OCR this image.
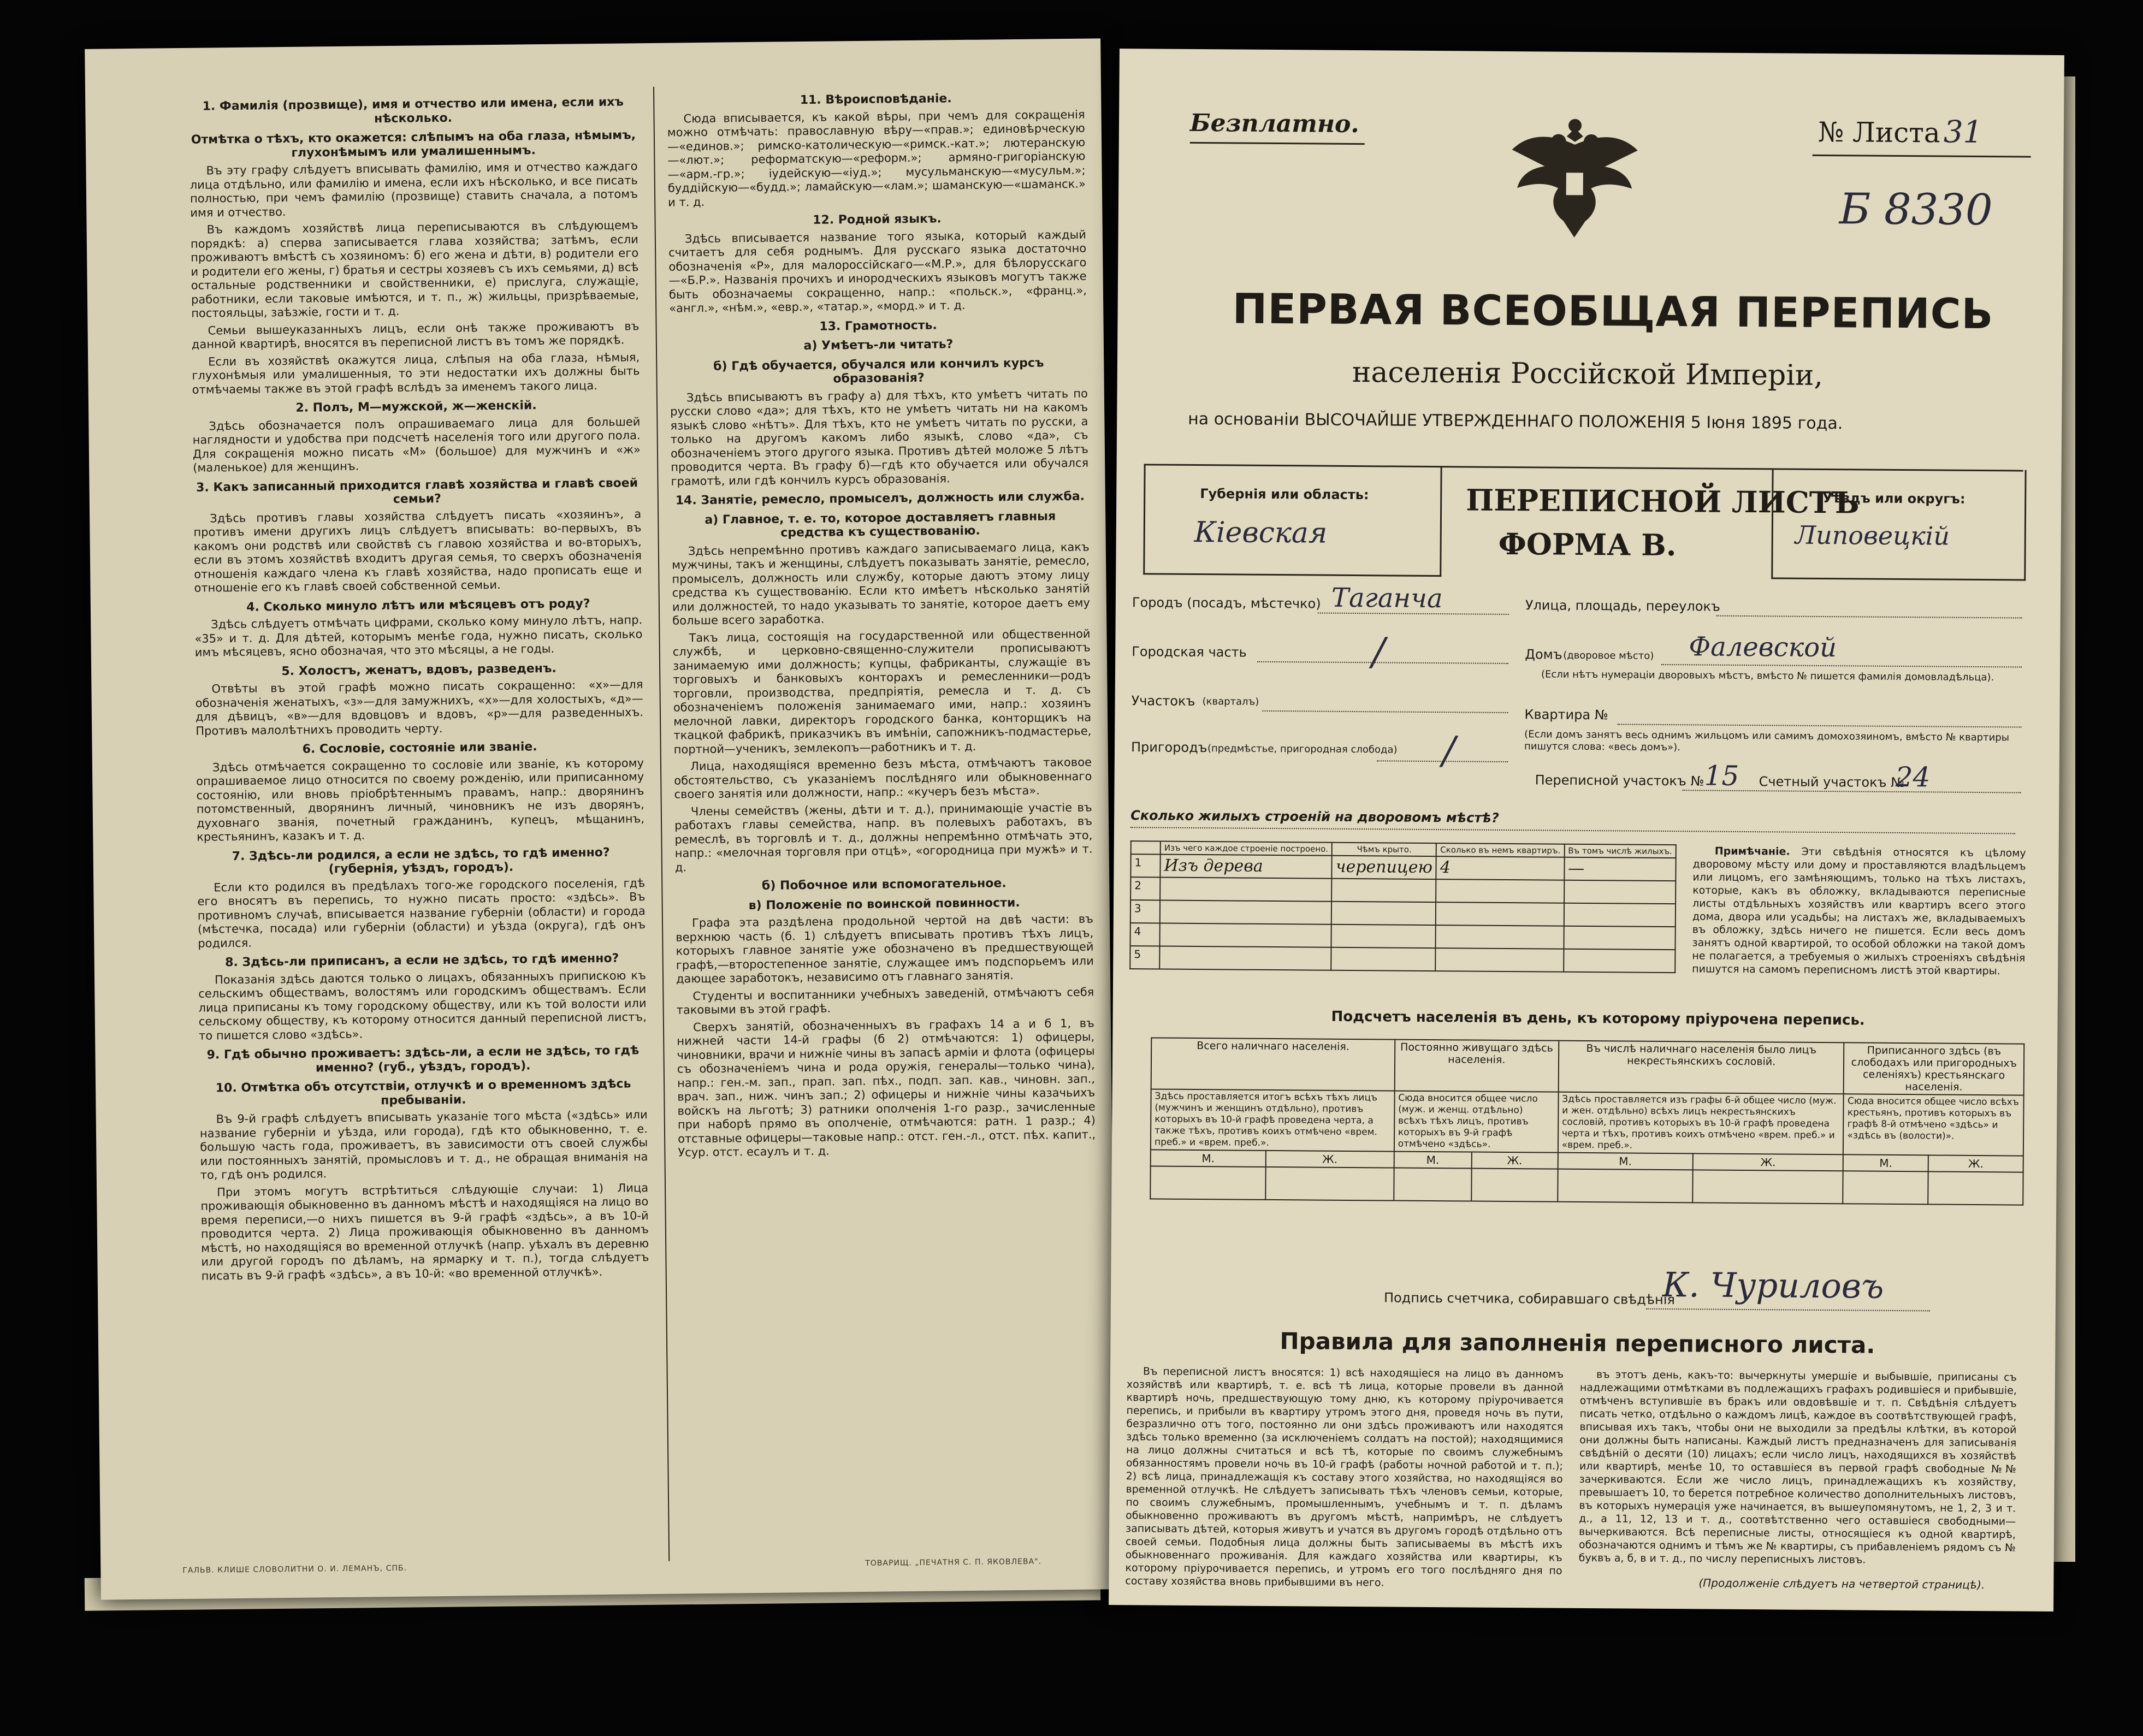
1. Фамилія (прозвище), имя и отчество или имена, если ихъ нѣсколько.
Отмѣтка о тѣхъ, кто окажется: слѣпымъ на оба глаза, нѣмымъ, глухонѣмымъ или умалишеннымъ.

Въ эту графу слѣдуетъ вписывать фамилію, имя и отчество каждаго лица отдѣльно, или фамилію и имена, если ихъ нѣсколько, и все писать полностью, при чемъ фамилію (прозвище) ставить сначала, а потомъ имя и отчество.

Въ каждомъ хозяйствѣ лица переписываются въ слѣдующемъ порядкѣ: а) сперва записывается глава хозяйства; затѣмъ, если проживаютъ вмѣстѣ съ хозяиномъ: б) его жена и дѣти, в) родители его и родители его жены, г) братья и сестры хозяевъ съ ихъ семьями, д) всѣ остальные родственники и свойственники, е) прислуга, служащіе, работники, если таковые имѣются, и т. п., ж) жильцы, призрѣваемые, постояльцы, заѣзжіе, гости и т. д.

Семьи вышеуказанныхъ лицъ, если онѣ также проживаютъ въ данной квартирѣ, вносятся въ переписной листъ въ томъ же порядкѣ.

Если въ хозяйствѣ окажутся лица, слѣпыя на оба глаза, нѣмыя, глухонѣмыя или умалишенныя, то эти недостатки ихъ должны быть отмѣчаемы также въ этой графѣ вслѣдъ за именемъ такого лица.

2. Полъ, М—мужской, ж—женскій.

Здѣсь обозначается полъ опрашиваемаго лица для большей наглядности и удобства при подсчетѣ населенія того или другого пола. Для сокращенія можно писать «М» (большое) для мужчинъ и «ж» (маленькое) для женщинъ.

3. Какъ записанный приходится главѣ хозяйства и главѣ своей семьи?

Здѣсь противъ главы хозяйства слѣдуетъ писать «хозяинъ», а противъ имени другихъ лицъ слѣдуетъ вписывать: во-первыхъ, въ какомъ они родствѣ или свойствѣ съ главою хозяйства и во-вторыхъ, если въ этомъ хозяйствѣ входитъ другая семья, то сверхъ обозначенія отношенія каждаго члена къ главѣ хозяйства, надо прописать еще и отношеніе его къ главѣ своей собственной семьи.

4. Сколько минуло лѣтъ или мѣсяцевъ отъ роду?

Здѣсь слѣдуетъ отмѣчать цифрами, сколько кому минуло лѣтъ, напр. «35» и т. д. Для дѣтей, которымъ менѣе года, нужно писать, сколько имъ мѣсяцевъ, ясно обозначая, что это мѣсяцы, а не годы.

5. Холостъ, женатъ, вдовъ, разведенъ.

Отвѣты въ этой графѣ можно писать сокращенно: «х»—для обозначенія женатыхъ, «з»—для замужнихъ, «х»—для холостыхъ, «д»—для дѣвицъ, «в»—для вдовцовъ и вдовъ, «р»—для разведенныхъ. Противъ малолѣтнихъ проводить черту.

6. Сословіе, состояніе или званіе.

Здѣсь отмѣчается сокращенно то сословіе или званіе, къ которому опрашиваемое лицо относится по своему рожденію, или приписанному состоянію, или вновь пріобрѣтеннымъ правамъ, напр.: дворянинъ потомственный, дворянинъ личный, чиновникъ не изъ дворянъ, духовнаго званія, почетный гражданинъ, купецъ, мѣщанинъ, крестьянинъ, казакъ и т. д.

7. Здѣсь-ли родился, а если не здѣсь, то гдѣ именно? (губернія, уѣздъ, городъ).

Если кто родился въ предѣлахъ того-же городского поселенія, гдѣ его вносятъ въ перепись, то нужно писать просто: «здѣсь». Въ противномъ случаѣ, вписывается название губерніи (области) и города (мѣстечка, посада) или губерніи (области) и уѣзда (округа), гдѣ онъ родился.

8. Здѣсь-ли приписанъ, а если не здѣсь, то гдѣ именно?

Показанія здѣсь даются только о лицахъ, обязанныхъ припискою къ сельскимъ обществамъ, волостямъ или городскимъ обществамъ. Если лица приписаны къ тому городскому обществу, или къ той волости или сельскому обществу, къ которому относится данный переписной листъ, то пишется слово «здѣсь».

9. Гдѣ обычно проживаетъ: здѣсь-ли, а если не здѣсь, то гдѣ именно? (губ., уѣздъ, городъ).
10. Отмѣтка объ отсутствіи, отлучкѣ и о временномъ здѣсь пребываніи.

Въ 9-й графѣ слѣдуетъ вписывать указаніе того мѣста («здѣсь» или название губерніи и уѣзда, или города), гдѣ кто обыкновенно, т. е. большую часть года, проживаетъ, въ зависимости отъ своей службы или постоянныхъ занятій, промысловъ и т. д., не обращая вниманія на то, гдѣ онъ родился.

При этомъ могутъ встрѣтиться слѣдующіе случаи: 1) Лица проживающія обыкновенно въ данномъ мѣстѣ и находящіяся на лицо во время переписи,—о нихъ пишется въ 9-й графѣ «здѣсь», а въ 10-й проводится черта. 2) Лица проживающія обыкновенно въ данномъ мѣстѣ, но находящіяся во временной отлучкѣ (напр. уѣхалъ въ деревню или другой городъ по дѣламъ, на ярмарку и т. п.), тогда слѣдуетъ писать въ 9-й графѣ «здѣсь», а въ 10-й: «во временной отлучкѣ».

11. Вѣроисповѣданіе.

Сюда вписывается, къ какой вѣры, при чемъ для сокращенія можно отмѣчать: православную вѣру—«прав.»; единовѣрческую—«единов.»; римско-католическую—«римск.-кат.»; лютеранскую—«лют.»; реформатскую—«реформ.»; армяно-григоріанскую—«арм.-гр.»; іудейскую—«іуд.»; мусульманскую—«мусульм.»; буддійскую—«будд.»; ламайскую—«лам.»; шаманскую—«шаманск.» и т. д.

12. Родной языкъ.

Здѣсь вписывается название того языка, который каждый считаетъ для себя роднымъ. Для русскаго языка достаточно обозначенія «Р», для малороссійскаго—«М.Р.», для бѣлорусскаго—«Б.Р.». Названія прочихъ и инородческихъ языковъ могутъ также быть обозначаемы сокращенно, напр.: «польск.», «франц.», «англ.», «нѣм.», «евр.», «татар.», «морд.» и т. д.

13. Грамотность.
а) Умѣетъ-ли читать?
б) Гдѣ обучается, обучался или кончилъ курсъ образованія?

Здѣсь вписываютъ въ графу а) для тѣхъ, кто умѣетъ читать по русски слово «да»; для тѣхъ, кто не умѣетъ читать ни на какомъ языкѣ слово «нѣтъ». Для тѣхъ, кто не умѣетъ читать по русски, а только на другомъ какомъ либо языкѣ, слово «да», съ обозначеніемъ этого другого языка. Противъ дѣтей моложе 5 лѣтъ проводится черта. Въ графу б)—гдѣ кто обучается или обучался грамотѣ, или гдѣ кончилъ курсъ образованія.

14. Занятіе, ремесло, промыселъ, должность или служба.
а) Главное, т. е. то, которое доставляетъ главныя средства къ существованію.

Здѣсь непремѣнно противъ каждаго записываемаго лица, какъ мужчины, такъ и женщины, слѣдуетъ показывать занятіе, ремесло, промыселъ, должность или службу, которые даютъ этому лицу средства къ существованію. Если кто имѣетъ нѣсколько занятій или должностей, то надо указывать то занятіе, которое даетъ ему больше всего заработка.

Такъ лица, состоящія на государственной или общественной службѣ, и церковно-священно-служители прописываютъ занимаемую ими должность; купцы, фабриканты, служащіе въ торговыхъ и банковыхъ конторахъ и ремесленники—родъ торговли, производства, предпріятія, ремесла и т. д. съ обозначеніемъ положенія занимаемаго ими, напр.: хозяинъ мелочной лавки, директоръ городского банка, конторщикъ на ткацкой фабрикѣ, приказчикъ въ имѣніи, сапожникъ-подмастерье, портной—ученикъ, землекопъ—работникъ и т. д.

Лица, находящіяся временно безъ мѣста, отмѣчаютъ таковое обстоятельство, съ указаніемъ послѣдняго или обыкновеннаго своего занятія или должности, напр.: «кучеръ безъ мѣста».

Члены семействъ (жены, дѣти и т. д.), принимающіе участіе въ работахъ главы семейства, напр. въ полевыхъ работахъ, въ ремеслѣ, въ торговлѣ и т. д., должны непремѣнно отмѣчать это, напр.: «мелочная торговля при отцѣ», «огородница при мужѣ» и т. д.

б) Побочное или вспомогательное.
в) Положеніе по воинской повинности.

Графа эта раздѣлена продольной чертой на двѣ части: въ верхнюю часть (б. 1) слѣдуетъ вписывать противъ тѣхъ лицъ, которыхъ главное занятіе уже обозначено въ предшествующей графѣ,—второстепенное занятіе, служащее имъ подспорьемъ или дающее заработокъ, независимо отъ главнаго занятія.

Студенты и воспитанники учебныхъ заведеній, отмѣчаютъ себя таковыми въ этой графѣ.

Сверхъ занятій, обозначенныхъ въ графахъ 14 а и б 1, въ нижней части 14-й графы (б 2) отмѣчаются: 1) офицеры, чиновники, врачи и нижніе чины въ запасѣ арміи и флота (офицеры съ обозначеніемъ чина и рода оружія, генералы—только чина), напр.: ген.-м. зап., прап. зап. пѣх., подп. зап. кав., чиновн. зап., врач. зап., ниж. чинъ зап.; 2) офицеры и нижніе чины казачьихъ войскъ на льготѣ; 3) ратники ополченія 1-го разр., зачисленные при наборѣ прямо въ ополченіе, отмѣчаются: ратн. 1 разр.; 4) отставные офицеры—таковые напр.: отст. ген.-л., отст. пѣх. капит., Усур. отст. есаулъ и т. д.

ГАЛЬВ. КЛИШЕ СЛОВОЛИТНИ О. И. ЛЕМАНЪ, СПБ.
ТОВАРИЩ. „ПЕЧАТНЯ С. П. ЯКОВЛЕВА".
Безплатно.	№ Листа 31
Б 8330
ПЕРВАЯ ВСЕОБЩАЯ ПЕРЕПИСЬ
населенія Россійской Имперіи,
на основаніи ВЫСОЧАЙШЕ УТВЕРЖДЕННАГО ПОЛОЖЕНІЯ 5 Іюня 1895 года.
Губернія или область:
Кіевская
ПЕРЕПИСНОЙ ЛИСТЪ
ФОРМА В.
Уѣздъ или округъ:
Липовецкій
Городъ (посадъ, мѣстечко) Таганча
Городская часть	/
Участокъ (кварталъ)
Пригородъ (предмѣстье, пригородная слобода) /
Улица, площадь, переулокъ
Домъ (дворовое мѣсто) Фалевской
(Если нѣтъ нумераціи дворовыхъ мѣстъ, вмѣсто № пишется фамилія домовладѣльца).
Квартира №
(Если домъ занятъ весь однимъ жильцомъ или самимъ домохозяиномъ, вмѣсто № квартиры пишутся слова: «весь домъ»).
Переписной участокъ № 15 Счетный участокъ №
24
Сколько жилыхъ строеній на дворовомъ мѣстѣ?
	Изъ чего каждое строеніе построено.	Чѣмъ крыто.	Сколько въ немъ квартиръ.	Въ томъ числѣ жилыхъ.
1	Изъ дерева	черепицею	4	—
2				
3				
4				
5				
Примѣчаніе. Эти свѣдѣнія относятся къ цѣлому дворовому мѣсту или дому и проставляются владѣльцемъ или лицомъ, его замѣняющимъ, только на тѣхъ листахъ, которые, какъ въ обложку, вкладываются переписные листы отдѣльныхъ хозяйствъ или квартиръ всего этого дома, двора или усадьбы; на листахъ же, вкладываемыхъ въ обложку, здѣсь ничего не пишется. Если весь домъ занятъ одной квартирой, то особой обложки на такой домъ не полагается, а требуемыя о жилыхъ строеніяхъ свѣдѣнія пишутся на самомъ переписномъ листѣ этой квартиры.
Подсчетъ населенія въ день, къ которому пріурочена перепись.
Всего наличнаго населенія.		Постоянно живущаго здѣсь населенія.		Въ числѣ наличнаго населенія было лицъ некрестьянскихъ сословій.		Приписанного здѣсь (въ слободахъ или пригородныхъ селеніяхъ) крестьянскаго населенія.	
Здѣсь проставляется итогъ всѣхъ тѣхъ лицъ (мужчинъ и женщинъ отдѣльно), противъ которыхъ въ 10-й графѣ проведена черта, а также тѣхъ, противъ коихъ отмѣчено «врем. преб.» и «врем. преб.».		Сюда вносится общее число (муж. и женщ. отдѣльно) всѣхъ тѣхъ лицъ, противъ которыхъ въ 9-й графѣ отмѣчено «здѣсь».		Здѣсь проставляется изъ графы 6-й общее число (муж. и жен. отдѣльно) всѣхъ лицъ некрестьянскихъ сословій, противъ которыхъ въ 10-й графѣ проведена черта и тѣхъ, противъ коихъ отмѣчено «врем. преб.» и «врем. преб.».		Сюда вносится общее число всѣхъ крестьянъ, противъ которыхъ въ графѣ 8-й отмѣчено «здѣсь» и «здѣсь въ (волости)».	
М.	Ж.	М.	Ж.	М.	Ж.	М.	Ж.

Подпись счетчика, собиравшаго свѣдѣнія
К. Чуриловъ
Правила для заполненія переписного листа.

Въ переписной листъ вносятся: 1) всѣ находящіеся на лицо въ данномъ хозяйствѣ или квартирѣ, т. е. всѣ тѣ лица, которые провели въ данной квартирѣ ночь, предшествующую тому дню, къ которому пріурочивается перепись, и прибыли въ квартиру утромъ этого дня, проведя ночь въ пути, безразлично отъ того, постоянно ли они здѣсь проживаютъ или находятся здѣсь только временно (за исключеніемъ солдатъ на постой); находящимися на лицо должны считаться и всѣ тѣ, которые по своимъ служебнымъ обязанностямъ провели ночь въ 10-й графѣ (работы ночной работой и т. п.); 2) всѣ лица, принадлежащія къ составу этого хозяйства, но находящіяся во временной отлучкѣ. Не слѣдуетъ записывать тѣхъ членовъ семьи, которые, по своимъ служебнымъ, промышленнымъ, учебнымъ и т. п. дѣламъ обыкновенно проживаютъ въ другомъ мѣстѣ, напримѣръ, не слѣдуетъ записывать дѣтей, которыя живутъ и учатся въ другомъ городѣ отдѣльно отъ своей семьи. Подобныя лица должны быть записываемы въ мѣстѣ ихъ обыкновеннаго проживанія. Для каждаго хозяйства или квартиры, къ которому пріурочивается перепись, и утромъ его того послѣдняго дня по составу хозяйства вновь прибывшими въ него.

въ этотъ день, какъ-то: вычеркнуты умершіе и выбывшіе, приписаны съ надлежащими отмѣтками въ подлежащихъ графахъ родившіеся и прибывшіе, отмѣченъ вступившіе въ бракъ или овдовѣвшіе и т. п. Свѣдѣнія слѣдуетъ писать четко, отдѣльно о каждомъ лицѣ, каждое въ соотвѣтствующей графѣ, вписывая ихъ такъ, чтобы они не выходили за предѣлы клѣтки, въ которой они должны быть написаны. Каждый листъ предназначенъ для записыванія свѣдѣній о десяти (10) лицахъ; если число лицъ, находящихся въ хозяйствѣ или квартирѣ, менѣе 10, то оставшіеся въ первой графѣ свободные №№ зачеркиваются. Если же число лицъ, принадлежащихъ къ хозяйству, превышаетъ 10, то берется потребное количество дополнительныхъ листовъ, въ которыхъ нумерація уже начинается, въ вышеупомянутомъ, не 1, 2, 3 и т. д., а 11, 12, 13 и т. д., соотвѣтственно чего оставшіеся свободными—вычеркиваются. Всѣ переписные листы, относящіеся къ одной квартирѣ, обозначаются однимъ и тѣмъ же № квартиры, съ прибавленіемъ рядомъ съ № буквъ а, б, в и т. д., по числу переписныхъ листовъ.

(Продолженіе слѣдуетъ на четвертой страницѣ).
